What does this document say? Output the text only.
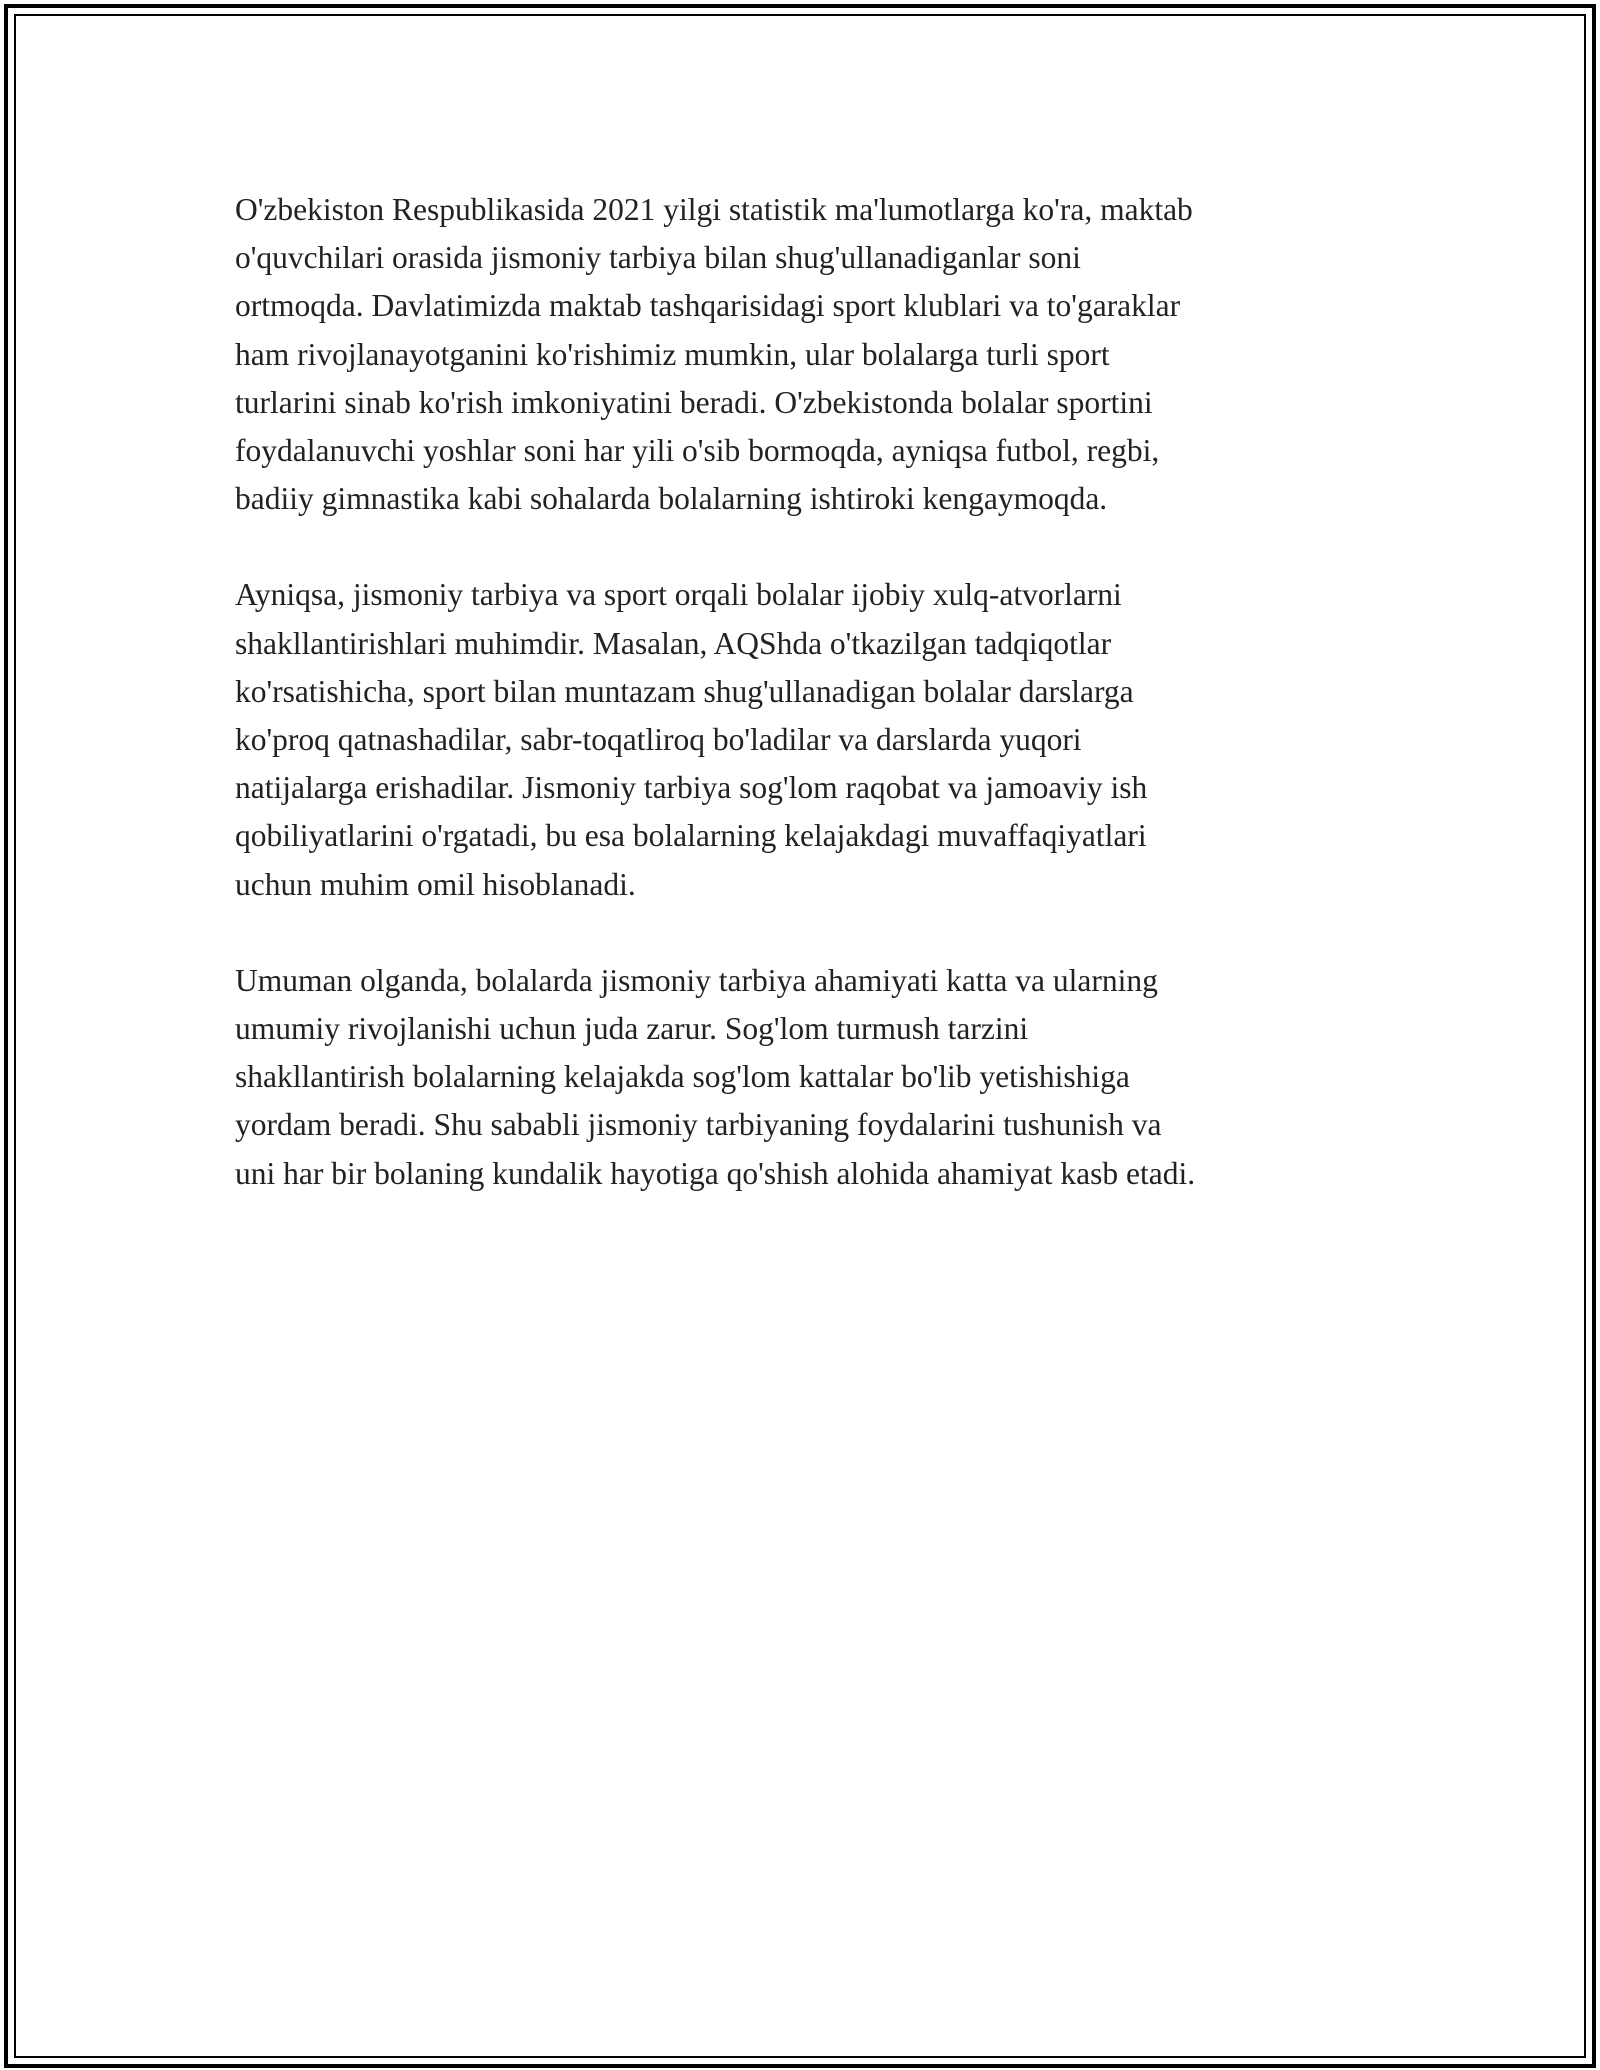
O'zbekiston Respublikasida 2021 yilgi statistik ma'lumotlarga ko'ra, maktab
o'quvchilari orasida jismoniy tarbiya bilan shug'ullanadiganlar soni
ortmoqda. Davlatimizda maktab tashqarisidagi sport klublari va to'garaklar
ham rivojlanayotganini ko'rishimiz mumkin, ular bolalarga turli sport
turlarini sinab ko'rish imkoniyatini beradi. O'zbekistonda bolalar sportini
foydalanuvchi yoshlar soni har yili o'sib bormoqda, ayniqsa futbol, regbi,
badiiy gimnastika kabi sohalarda bolalarning ishtiroki kengaymoqda.

Ayniqsa, jismoniy tarbiya va sport orqali bolalar ijobiy xulq-atvorlarni
shakllantirishlari muhimdir. Masalan, AQShda o'tkazilgan tadqiqotlar
ko'rsatishicha, sport bilan muntazam shug'ullanadigan bolalar darslarga
ko'proq qatnashadilar, sabr-toqatliroq bo'ladilar va darslarda yuqori
natijalarga erishadilar. Jismoniy tarbiya sog'lom raqobat va jamoaviy ish
qobiliyatlarini o'rgatadi, bu esa bolalarning kelajakdagi muvaffaqiyatlari
uchun muhim omil hisoblanadi.

Umuman olganda, bolalarda jismoniy tarbiya ahamiyati katta va ularning
umumiy rivojlanishi uchun juda zarur. Sog'lom turmush tarzini
shakllantirish bolalarning kelajakda sog'lom kattalar bo'lib yetishishiga
yordam beradi. Shu sababli jismoniy tarbiyaning foydalarini tushunish va
uni har bir bolaning kundalik hayotiga qo'shish alohida ahamiyat kasb etadi.
